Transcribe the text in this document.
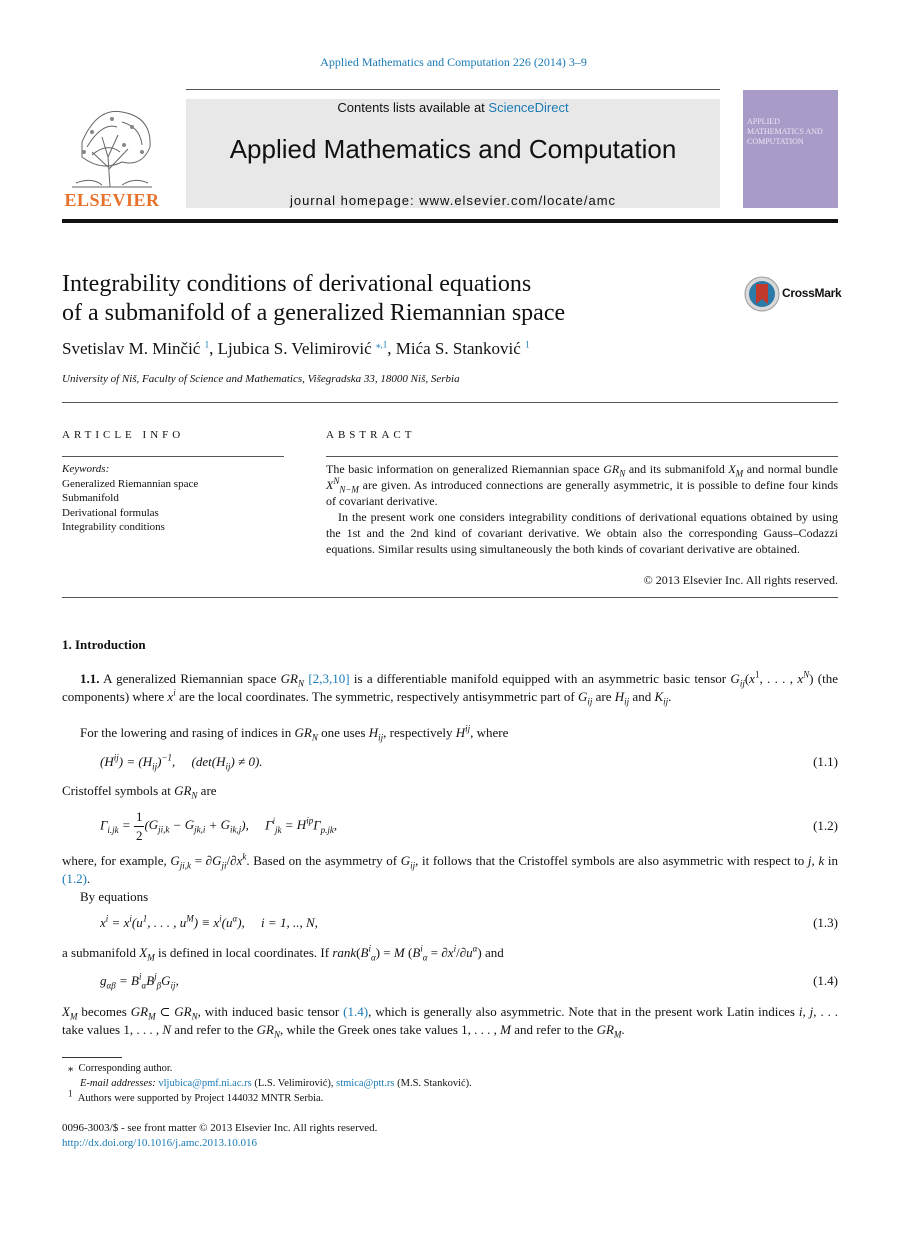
Applied Mathematics and Computation 226 (2014) 3–9
ELSEVIER
Contents lists available at ScienceDirect
Applied Mathematics and Computation
journal homepage: www.elsevier.com/locate/amc
APPLIED MATHEMATICS AND COMPUTATION
Integrability conditions of derivational equations
of a submanifold of a generalized Riemannian space
CrossMark
Svetislav M. Minčić $^1$, Ljubica S. Velimirović $^{⁎,1}$, Mića S. Stanković $^1$
University of Niš, Faculty of Science and Mathematics, Višegradska 33, 18000 Niš, Serbia
ARTICLE INFO	ABSTRACT
Keywords:
Generalized Riemannian space
Submanifold
Derivational formulas
Integrability conditions

The basic information on generalized Riemannian space $GR_N$ and its submanifold $X_M$ and normal bundle $X^N_{N-M}$ are given. As introduced connections are generally asymmetric, it is possible to define four kinds of covariant derivative.

In the present work one considers integrability conditions of derivational equations obtained by using the 1st and the 2nd kind of covariant derivative. We obtain also the corresponding Gauss–Codazzi equations. Similar results using simultaneously the both kinds of covariant derivative are obtained.

© 2013 Elsevier Inc. All rights reserved.
1. Introduction
1.1. A generalized Riemannian space $GR_N$ [2,3,10] is a differentiable manifold equipped with an asymmetric basic tensor $G_{ij}(x^1$, . . . , $x^N$) (the components) where $x^i$ are the local coordinates. The symmetric, respectively antisymmetric part of $G_{ij}$ are $H_{ij}$ and $K_{ij}$.
For the lowering and rasing of indices in $GR_N$ one uses $H_{ij}$, respectively $H^{ij}$, where
$(H^{ij}) = (H_{ij})^{-1}$,     $(\det(H_{ij}) \ne 0)$.	(1.1)
Cristoffel symbols at $GR_N$ are
$\Gamma_{i.jk} = \frac{1}{2} (G_{ji,k} - G_{jk,i} + G_{ik,j})$,     $\Gamma^i_{jk} = H^{ip}\Gamma_{p.jk}$,	(1.2)
where, for example, $G_{ji,k} = \partial G_{ji}/\partial x^k$. Based on the asymmetry of $G_{ij}$, it follows that the Cristoffel symbols are also asymmetric with respect to j, k in (1.2).
By equations
$x^i = x^i(u^1$, . . . , $u^M) \equiv x^i(u^\alpha)$,     i = 1, .., N,	(1.3)
a submanifold $X_M$ is defined in local coordinates. If $rank(B^i_\alpha) = M$ $(B^i_\alpha = \partial x^i/\partial u^\alpha)$ and
$g_{\alpha\beta} = B^i_\alpha B^j_\beta G_{ij}$,	(1.4)
$X_M$ becomes $GR_M$ ⊂ $GR_N$, with induced basic tensor (1.4), which is generally also asymmetric. Note that in the present work Latin indices i, j, . . . take values 1, . . . , N and refer to the $GR_N$, while the Greek ones take values 1, . . . , M and refer to the $GR_M$.
⁎  Corresponding author.
E-mail addresses: vljubica@pmf.ni.ac.rs (L.S. Velimirović), stmica@ptt.rs (M.S. Stanković).
$^1$ Authors were supported by Project 144032 MNTR Serbia.
0096-3003/$ - see front matter © 2013 Elsevier Inc. All rights reserved.
http://dx.doi.org/10.1016/j.amc.2013.10.016
